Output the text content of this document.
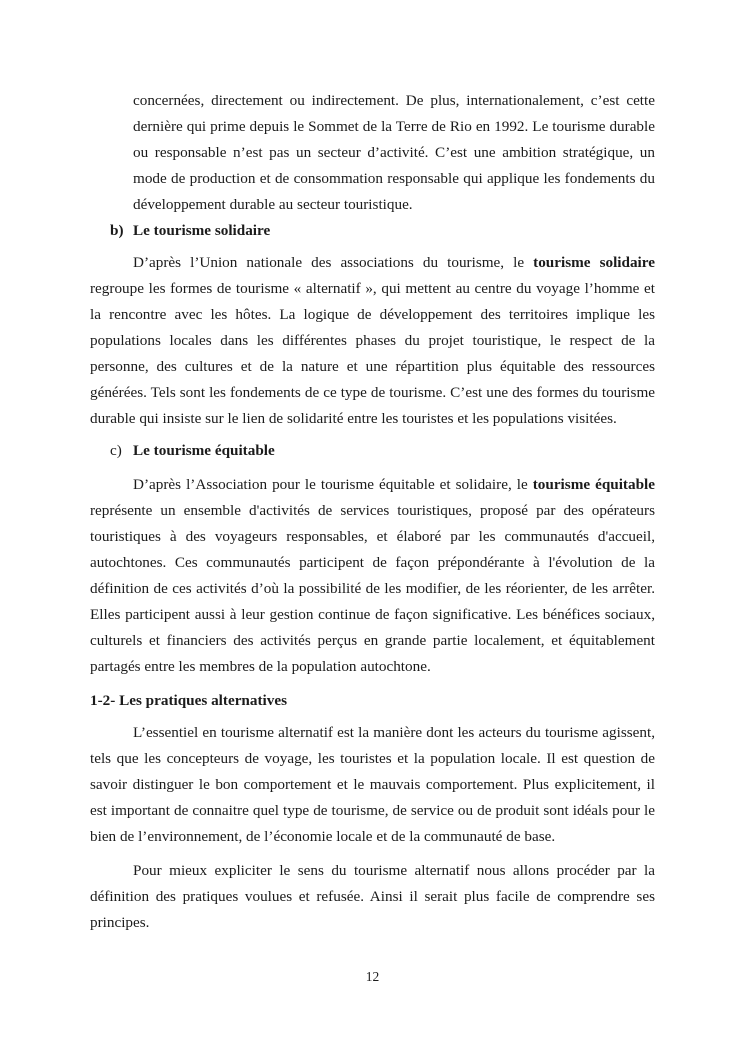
concernées, directement ou indirectement. De plus, internationalement, c’est cette dernière qui prime depuis le Sommet de la Terre de Rio en 1992. Le tourisme durable ou responsable n’est pas un secteur d’activité. C’est une ambition stratégique, un mode de production et de consommation responsable qui applique les fondements du développement durable au secteur touristique.

b) Le tourisme solidaire

D’après l’Union nationale des associations du tourisme, le tourisme solidaire regroupe les formes de tourisme « alternatif », qui mettent au centre du voyage l’homme et la rencontre avec les hôtes. La logique de développement des territoires implique les populations locales dans les différentes phases du projet touristique, le respect de la personne, des cultures et de la nature et une répartition plus équitable des ressources générées. Tels sont les fondements de ce type de tourisme. C’est une des formes du tourisme durable qui insiste sur le lien de solidarité entre les touristes et les populations visitées.

c) Le tourisme équitable

D’après l’Association pour le tourisme équitable et solidaire, le tourisme équitable représente un ensemble d'activités de services touristiques, proposé par des opérateurs touristiques à des voyageurs responsables, et élaboré par les communautés d'accueil, autochtones. Ces communautés participent de façon prépondérante à l'évolution de la définition de ces activités d’où la possibilité de les modifier, de les réorienter, de les arrêter. Elles participent aussi à leur gestion continue de façon significative. Les bénéfices sociaux, culturels et financiers des activités perçus en grande partie localement, et équitablement partagés entre les membres de la population autochtone.

1-2- Les pratiques alternatives

L’essentiel en tourisme alternatif est la manière dont les acteurs du tourisme agissent, tels que les concepteurs de voyage, les touristes et la population locale. Il est question de savoir distinguer le bon comportement et le mauvais comportement. Plus explicitement, il est important de connaitre quel type de tourisme, de service ou de produit sont idéals pour le bien de l’environnement, de l’économie locale et de la communauté de base.

Pour mieux expliciter le sens du tourisme alternatif nous allons procéder par la définition des pratiques voulues et refusée. Ainsi il serait plus facile de comprendre ses principes.

12
